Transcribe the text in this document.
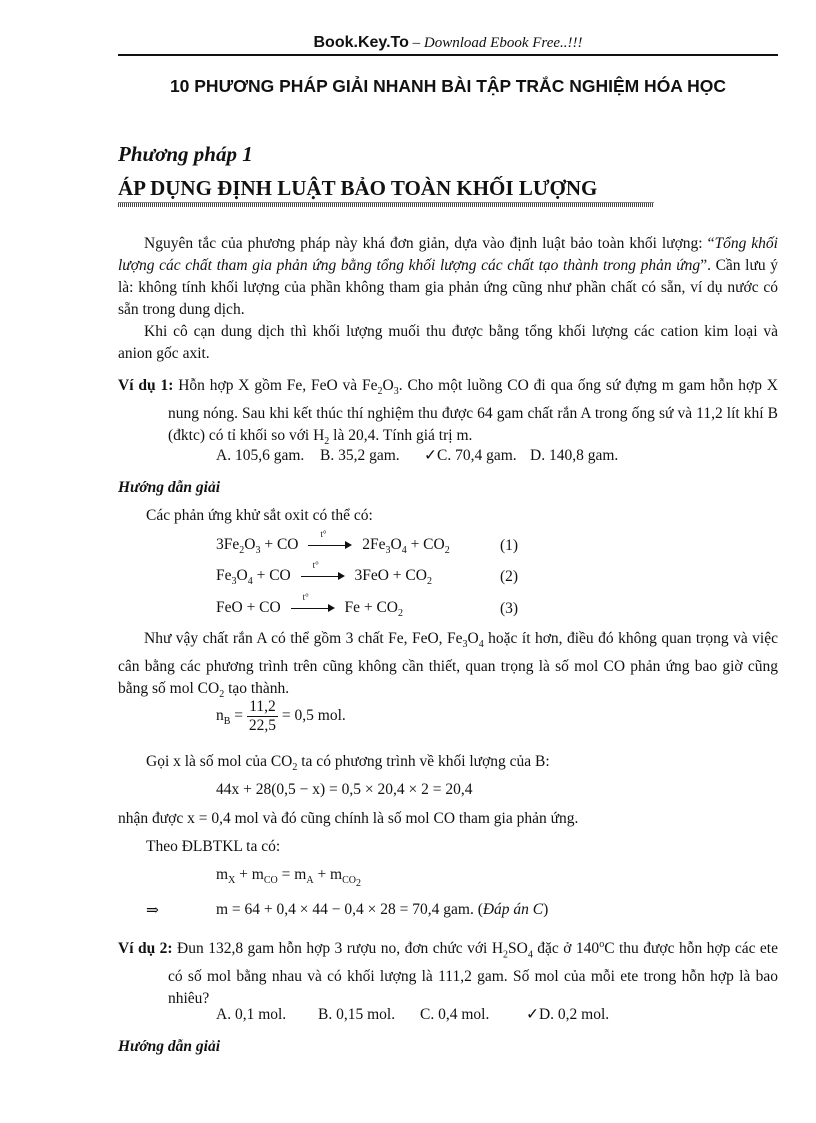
Book.Key.To – Download Ebook Free..!!!
10 PHƯƠNG PHÁP GIẢI NHANH BÀI TẬP TRẮC NGHIỆM HÓA HỌC
Phương pháp 1
ÁP DỤNG ĐỊNH LUẬT BẢO TOÀN KHỐI LƯỢNG
Nguyên tắc của phương pháp này khá đơn giản, dựa vào định luật bảo toàn khối lượng: “Tổng khối lượng các chất tham gia phản ứng bằng tổng khối lượng các chất tạo thành trong phản ứng”. Cần lưu ý là: không tính khối lượng của phần không tham gia phản ứng cũng như phần chất có sẵn, ví dụ nước có sẵn trong dung dịch.
Khi cô cạn dung dịch thì khối lượng muối thu được bằng tổng khối lượng các cation kim loại và anion gốc axit.
Ví dụ 1: Hỗn hợp X gồm Fe, FeO và $Fe_2O_3$. Cho một luồng CO đi qua ống sứ đựng m gam hỗn hợp X nung nóng. Sau khi kết thúc thí nghiệm thu được 64 gam chất rắn A trong ống sứ và 11,2 lít khí B (đktc) có tỉ khối so với $H_2$ là 20,4. Tính giá trị m.
A. 105,6 gam. B. 35,2 gam. ✓C. 70,4 gam. D. 140,8 gam.
Hướng dẫn giải
Các phản ứng khử sắt oxit có thể có:
$3Fe_2O_3$ + CO
t°
$2Fe_3O_4 + CO_2$	(1)
$Fe_3O_4$ + CO
t°
$3FeO + CO_2$	(2)
FeO + CO
t°
$Fe + CO_2$	(3)
Như vậy chất rắn A có thể gồm 3 chất Fe, FeO, $Fe_3O_4$ hoặc ít hơn, điều đó không quan trọng và việc cân bằng các phương trình trên cũng không cần thiết, quan trọng là số mol CO phản ứng bao giờ cũng bằng số mol $CO_2$ tạo thành.
$n_B = \frac{11,2}{22,5} = 0,5$ mol.
Gọi x là số mol của $CO_2$ ta có phương trình về khối lượng của B:
44x + 28(0,5 − x) = 0,5 × 20,4 × 2 = 20,4
nhận được x = 0,4 mol và đó cũng chính là số mol CO tham gia phản ứng.
Theo ĐLBTKL ta có:
$m_X + m_{CO} = m_A + m_{CO_2}$
⇒	m = 64 + 0,4 × 44 − 0,4 × 28 = 70,4 gam. (Đáp án C)
Ví dụ 2: Đun 132,8 gam hỗn hợp 3 rượu no, đơn chức với $H_2SO_4$ đặc ở 140$^o$C thu được hỗn hợp các ete có số mol bằng nhau và có khối lượng là 111,2 gam. Số mol của mỗi ete trong hỗn hợp là bao nhiêu?
A. 0,1 mol. B. 0,15 mol. C. 0,4 mol. ✓D. 0,2 mol.
Hướng dẫn giải
